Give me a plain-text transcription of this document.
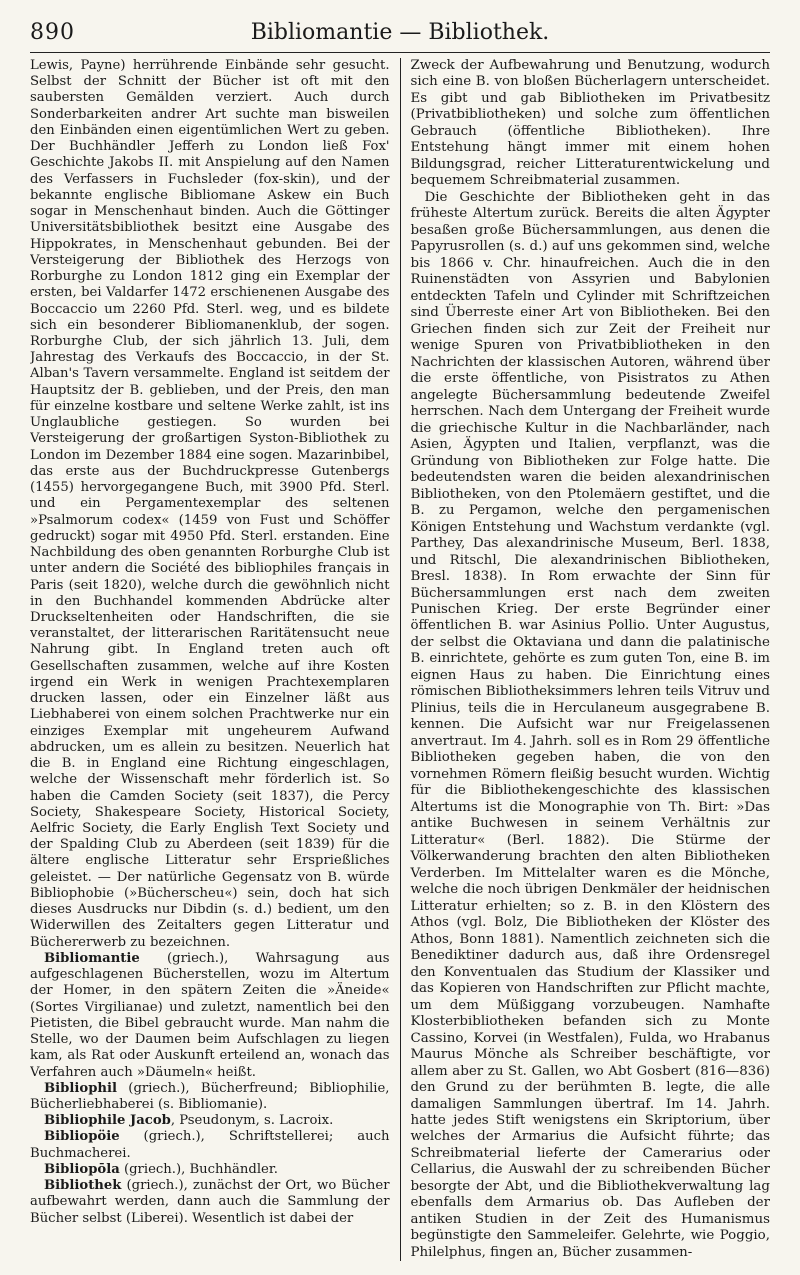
890	Bibliomantie — Bibliothek.

Lewis, Payne) herrührende Einbände sehr gesucht. Selbst der Schnitt der Bücher ist oft mit den saubersten Gemälden verziert. Auch durch Sonderbarkeiten andrer Art suchte man bisweilen den Einbänden einen eigentümlichen Wert zu geben. Der Buchhändler Jefferh zu London ließ Fox' Geschichte Jakobs II. mit Anspielung auf den Namen des Verfassers in Fuchsleder (fox-skin), und der bekannte englische Bibliomane Askew ein Buch sogar in Menschenhaut binden. Auch die Göttinger Universitätsbibliothek besitzt eine Ausgabe des Hippokrates, in Menschenhaut gebunden. Bei der Versteigerung der Bibliothek des Herzogs von Rorburghe zu London 1812 ging ein Exemplar der ersten, bei Valdarfer 1472 erschienenen Ausgabe des Boccaccio um 2260 Pfd. Sterl. weg, und es bildete sich ein besonderer Bibliomanenklub, der sogen. Rorburghe Club, der sich jährlich 13. Juli, dem Jahrestag des Verkaufs des Boccaccio, in der St. Alban's Tavern versammelte. England ist seitdem der Hauptsitz der B. geblieben, und der Preis, den man für einzelne kostbare und seltene Werke zahlt, ist ins Unglaubliche gestiegen. So wurden bei Versteigerung der großartigen Syston-Bibliothek zu London im Dezember 1884 eine sogen. Mazarinbibel, das erste aus der Buchdruckpresse Gutenbergs (1455) hervorgegangene Buch, mit 3900 Pfd. Sterl. und ein Pergamentexemplar des seltenen »Psalmorum codex« (1459 von Fust und Schöffer gedruckt) sogar mit 4950 Pfd. Sterl. erstanden. Eine Nachbildung des oben genannten Rorburghe Club ist unter andern die Société des bibliophiles français in Paris (seit 1820), welche durch die gewöhnlich nicht in den Buchhandel kommenden Abdrücke alter Druckseltenheiten oder Handschriften, die sie veranstaltet, der litterarischen Raritätensucht neue Nahrung gibt. In England treten auch oft Gesellschaften zusammen, welche auf ihre Kosten irgend ein Werk in wenigen Prachtexemplaren drucken lassen, oder ein Einzelner läßt aus Liebhaberei von einem solchen Prachtwerke nur ein einziges Exemplar mit ungeheurem Aufwand abdrucken, um es allein zu besitzen. Neuerlich hat die B. in England eine Richtung eingeschlagen, welche der Wissenschaft mehr förderlich ist. So haben die Camden Society (seit 1837), die Percy Society, Shakespeare Society, Historical Society, Aelfric Society, die Early English Text Society und der Spalding Club zu Aberdeen (seit 1839) für die ältere englische Litteratur sehr Ersprießliches geleistet. — Der natürliche Gegensatz von B. würde Bibliophobie (»Bücherscheu«) sein, doch hat sich dieses Ausdrucks nur Dibdin (s. d.) bedient, um den Widerwillen des Zeitalters gegen Litteratur und Büchererwerb zu bezeichnen.

Bibliomantie (griech.), Wahrsagung aus aufgeschlagenen Bücherstellen, wozu im Altertum der Homer, in den spätern Zeiten die »Äneide« (Sortes Virgilianae) und zuletzt, namentlich bei den Pietisten, die Bibel gebraucht wurde. Man nahm die Stelle, wo der Daumen beim Aufschlagen zu liegen kam, als Rat oder Auskunft erteilend an, wonach das Verfahren auch »Däumeln« heißt.

Bibliophil (griech.), Bücherfreund; Bibliophilie, Bücherliebhaberei (s. Bibliomanie).

Bibliophile Jacob, Pseudonym, s. Lacroix.

Bibliopöie (griech.), Schriftstellerei; auch Buchmacherei.

Bibliopōla (griech.), Buchhändler.

Bibliothek (griech.), zunächst der Ort, wo Bücher aufbewahrt werden, dann auch die Sammlung der Bücher selbst (Liberei). Wesentlich ist dabei der

Zweck der Aufbewahrung und Benutzung, wodurch sich eine B. von bloßen Bücherlagern unterscheidet. Es gibt und gab Bibliotheken im Privatbesitz (Privatbibliotheken) und solche zum öffentlichen Gebrauch (öffentliche Bibliotheken). Ihre Entstehung hängt immer mit einem hohen Bildungsgrad, reicher Litteraturentwickelung und bequemem Schreibmaterial zusammen.

Die Geschichte der Bibliotheken geht in das früheste Altertum zurück. Bereits die alten Ägypter besaßen große Büchersammlungen, aus denen die Papyrusrollen (s. d.) auf uns gekommen sind, welche bis 1866 v. Chr. hinaufreichen. Auch die in den Ruinenstädten von Assyrien und Babylonien entdeckten Tafeln und Cylinder mit Schriftzeichen sind Überreste einer Art von Bibliotheken. Bei den Griechen finden sich zur Zeit der Freiheit nur wenige Spuren von Privatbibliotheken in den Nachrichten der klassischen Autoren, während über die erste öffentliche, von Pisistratos zu Athen angelegte Büchersammlung bedeutende Zweifel herrschen. Nach dem Untergang der Freiheit wurde die griechische Kultur in die Nachbarländer, nach Asien, Ägypten und Italien, verpflanzt, was die Gründung von Bibliotheken zur Folge hatte. Die bedeutendsten waren die beiden alexandrinischen Bibliotheken, von den Ptolemäern gestiftet, und die B. zu Pergamon, welche den pergamenischen Königen Entstehung und Wachstum verdankte (vgl. Parthey, Das alexandrinische Museum, Berl. 1838, und Ritschl, Die alexandrinischen Bibliotheken, Bresl. 1838). In Rom erwachte der Sinn für Büchersammlungen erst nach dem zweiten Punischen Krieg. Der erste Begründer einer öffentlichen B. war Asinius Pollio. Unter Augustus, der selbst die Oktaviana und dann die palatinische B. einrichtete, gehörte es zum guten Ton, eine B. im eignen Haus zu haben. Die Einrichtung eines römischen Bibliotheksimmers lehren teils Vitruv und Plinius, teils die in Herculaneum ausgegrabene B. kennen. Die Aufsicht war nur Freigelassenen anvertraut. Im 4. Jahrh. soll es in Rom 29 öffentliche Bibliotheken gegeben haben, die von den vornehmen Römern fleißig besucht wurden. Wichtig für die Bibliothekengeschichte des klassischen Altertums ist die Monographie von Th. Birt: »Das antike Buchwesen in seinem Verhältnis zur Litteratur« (Berl. 1882). Die Stürme der Völkerwanderung brachten den alten Bibliotheken Verderben. Im Mittelalter waren es die Mönche, welche die noch übrigen Denkmäler der heidnischen Litteratur erhielten; so z. B. in den Klöstern des Athos (vgl. Bolz, Die Bibliotheken der Klöster des Athos, Bonn 1881). Namentlich zeichneten sich die Benediktiner dadurch aus, daß ihre Ordensregel den Konventualen das Studium der Klassiker und das Kopieren von Handschriften zur Pflicht machte, um dem Müßiggang vorzubeugen. Namhafte Klosterbibliotheken befanden sich zu Monte Cassino, Korvei (in Westfalen), Fulda, wo Hrabanus Maurus Mönche als Schreiber beschäftigte, vor allem aber zu St. Gallen, wo Abt Gosbert (816—836) den Grund zu der berühmten B. legte, die alle damaligen Sammlungen übertraf. Im 14. Jahrh. hatte jedes Stift wenigstens ein Skriptorium, über welches der Armarius die Aufsicht führte; das Schreibmaterial lieferte der Camerarius oder Cellarius, die Auswahl der zu schreibenden Bücher besorgte der Abt, und die Bibliothekverwaltung lag ebenfalls dem Armarius ob. Das Aufleben der antiken Studien in der Zeit des Humanismus begünstigte den Sammeleifer. Gelehrte, wie Poggio, Philelphus, fingen an, Bücher zusammen-
